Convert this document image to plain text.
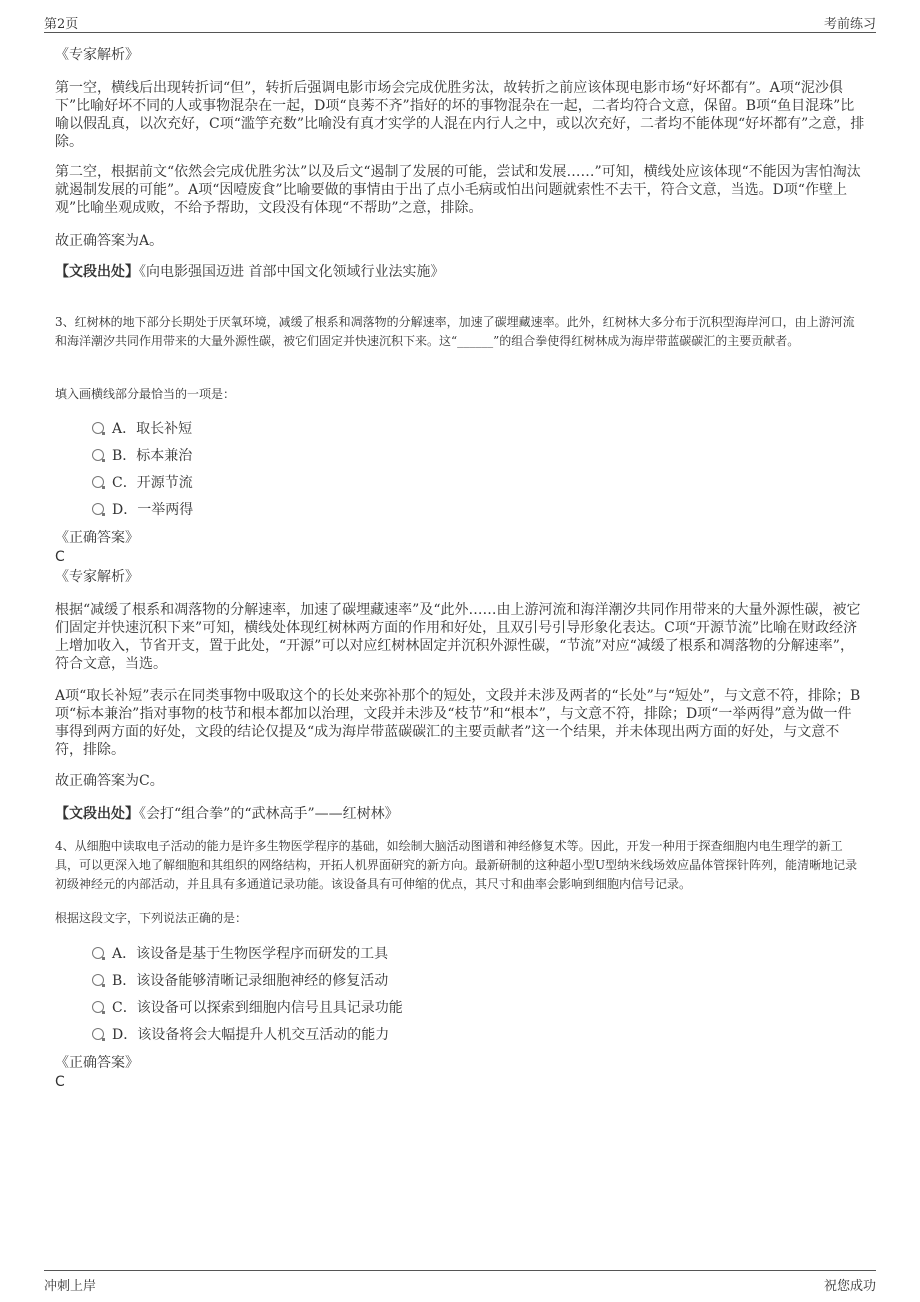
第2页	考前练习
《专家解析》
第一空，横线后出现转折词“但”，转折后强调电影市场会完成优胜劣汰，故转折之前应该体现电影市场“好坏都有”。A项“泥沙俱下”比喻好坏不同的人或事物混杂在一起，D项“良莠不齐”指好的坏的事物混杂在一起，二者均符合文意，保留。B项“鱼目混珠”比喻以假乱真，以次充好，C项“滥竽充数”比喻没有真才实学的人混在内行人之中，或以次充好，二者均不能体现“好坏都有”之意，排除。
第二空，根据前文“依然会完成优胜劣汰”以及后文“遏制了发展的可能，尝试和发展……”可知，横线处应该体现“不能因为害怕淘汰就遏制发展的可能”。A项“因噎废食”比喻要做的事情由于出了点小毛病或怕出问题就索性不去干，符合文意，当选。D项“作壁上观”比喻坐观成败，不给予帮助，文段没有体现“不帮助”之意，排除。
故正确答案为A。
【文段出处】《向电影强国迈进 首部中国文化领域行业法实施》
3、红树林的地下部分长期处于厌氧环境，减缓了根系和凋落物的分解速率，加速了碳埋藏速率。此外，红树林大多分布于沉积型海岸河口，由上游河流和海洋潮汐共同作用带来的大量外源性碳，被它们固定并快速沉积下来。这“______”的组合拳使得红树林成为海岸带蓝碳碳汇的主要贡献者。
填入画横线部分最恰当的一项是：
A．取长补短
B．标本兼治
C．开源节流
D．一举两得
《正确答案》
C
《专家解析》
根据“减缓了根系和凋落物的分解速率，加速了碳埋藏速率”及“此外……由上游河流和海洋潮汐共同作用带来的大量外源性碳，被它们固定并快速沉积下来”可知，横线处体现红树林两方面的作用和好处，且双引号引导形象化表达。C项“开源节流”比喻在财政经济上增加收入，节省开支，置于此处，“开源”可以对应红树林固定并沉积外源性碳，“节流”对应“减缓了根系和凋落物的分解速率”，符合文意，当选。
A项“取长补短”表示在同类事物中吸取这个的长处来弥补那个的短处，文段并未涉及两者的“长处”与“短处”，与文意不符，排除；B项“标本兼治”指对事物的枝节和根本都加以治理，文段并未涉及“枝节”和“根本”，与文意不符，排除；D项“一举两得”意为做一件事得到两方面的好处，文段的结论仅提及“成为海岸带蓝碳碳汇的主要贡献者”这一个结果，并未体现出两方面的好处，与文意不符，排除。
故正确答案为C。
【文段出处】《会打“组合拳”的“武林高手”——红树林》
4、从细胞中读取电子活动的能力是许多生物医学程序的基础，如绘制大脑活动图谱和神经修复术等。因此，开发一种用于探查细胞内电生理学的新工具，可以更深入地了解细胞和其组织的网络结构，开拓人机界面研究的新方向。最新研制的这种超小型U型纳米线场效应晶体管探针阵列，能清晰地记录初级神经元的内部活动，并且具有多通道记录功能。该设备具有可伸缩的优点，其尺寸和曲率会影响到细胞内信号记录。
根据这段文字，下列说法正确的是：
A．该设备是基于生物医学程序而研发的工具
B．该设备能够清晰记录细胞神经的修复活动
C．该设备可以探索到细胞内信号且具记录功能
D．该设备将会大幅提升人机交互活动的能力
《正确答案》
C
冲刺上岸	祝您成功
